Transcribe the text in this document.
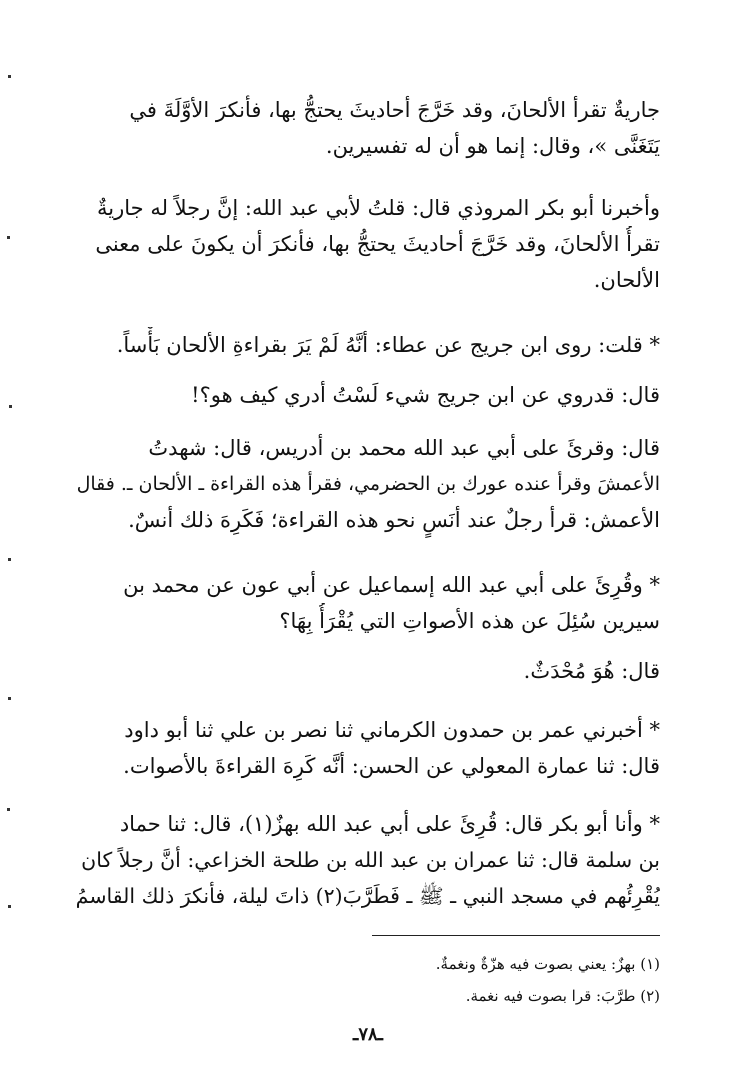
جاريةٌ تقرأ الألحانَ، وقد خَرَّجَ أحاديثَ يحتجُّ بها، فأنكرَ الأوَّلَةَ في
يَتَغَنَّى »، وقال: إنما هو أن له تفسيرين.
وأخبرنا أبو بكر المروذي قال: قلتُ لأبي عبد الله: إنَّ رجلاً له جاريةٌ
تقرأُ الألحانَ، وقد خَرَّجَ أحاديثَ يحتجُّ بها، فأنكرَ أن يكونَ على معنى
الألحان.
* قلت: روى ابن جريج عن عطاء: أنَّهُ لَمْ يَرَ بقراءةِ الألحان بَأْساً.
قال: قدروي عن ابن جريج شيء لَسْتُ أدري كيف هو؟!
قال: وقرئَ على أبي عبد الله محمد بن أدريس، قال: شهدتُ
الأعمشَ وقرأ عنده عورك بن الحضرمي، فقرأ هذه القراءة ـ الألحان ـ. فقال
الأعمش: قرأ رجلٌ عند أنَسٍ نحو هذه القراءة؛ فَكَرِهَ ذلك أنسٌ.
* وقُرِئَ على أبي عبد الله إسماعيل عن أبي عون عن محمد بن
سيرين سُئِلَ عن هذه الأصواتِ التي يُقْرَأُ بِهَا؟
قال: هُوَ مُحْدَثٌ.
* أخبرني عمر بن حمدون الكرماني ثنا نصر بن علي ثنا أبو داود
قال: ثنا عمارة المعولي عن الحسن: أنَّه كَرِهَ القراءةَ بالأصوات.
* وأنا أبو بكر قال: قُرِئَ على أبي عبد الله بهزٌ(١)، قال: ثنا حماد
بن سلمة قال: ثنا عمران بن عبد الله بن طلحة الخزاعي: أنَّ رجلاً كان
يُقْرِئُهم في مسجد النبي ـ ﷺ ـ فَطَرَّبَ(٢) ذاتَ ليلة، فأنكرَ ذلك القاسمُ
(١) بهزٌ: يعني بصوت فيه هزّةٌ ونغمةٌ.
(٢) طرَّبَ: قرا بصوت فيه نغمة.
ـ٧٨ـ
